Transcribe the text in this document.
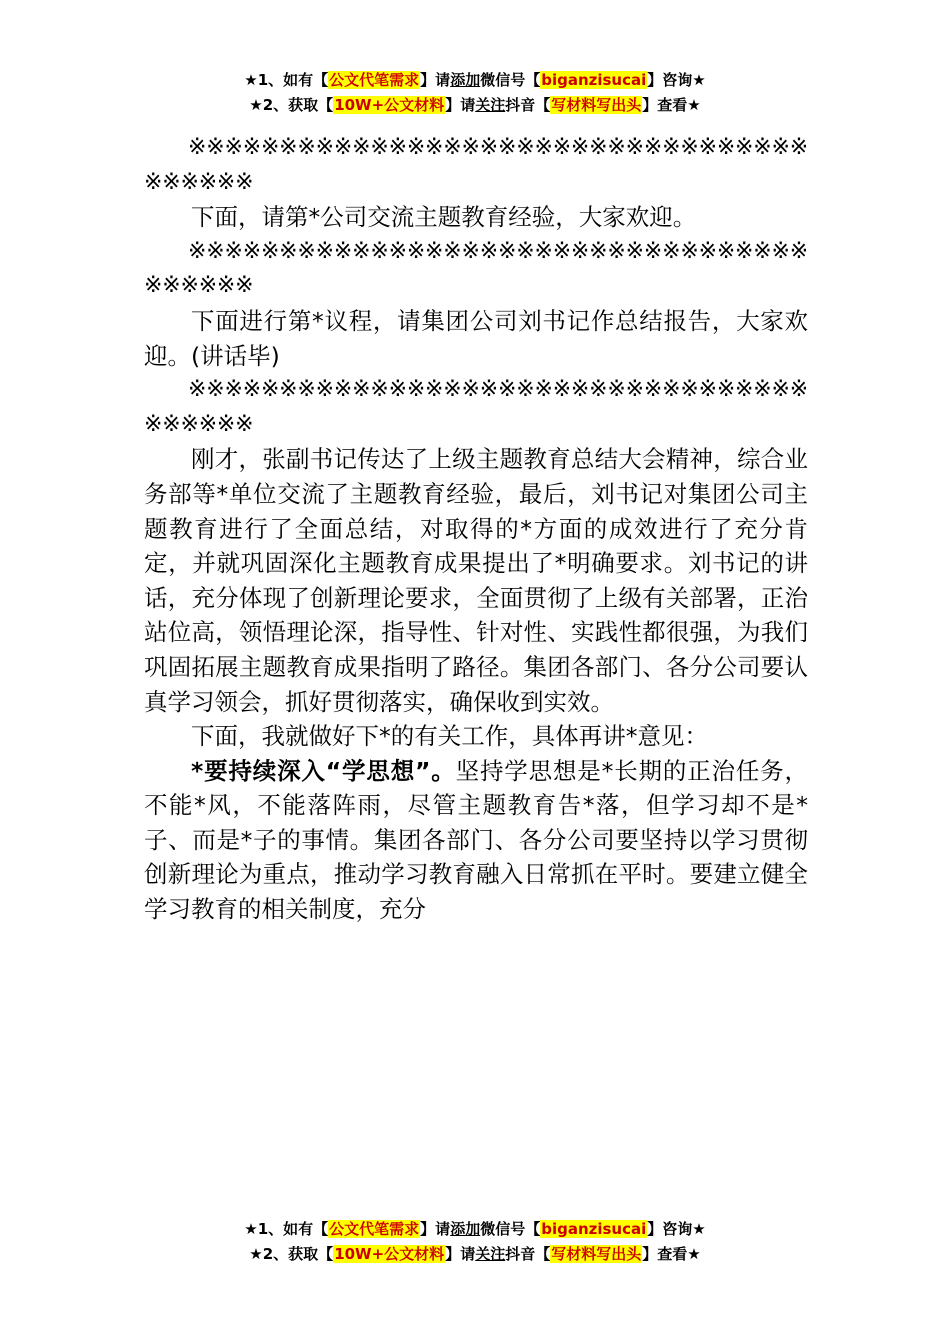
★1、如有【公文代笔需求】请添加微信号【biganzisucai】咨询★
★2、获取【10W+公文材料】请关注抖音【写材料写出头】查看★

※※※※※※※※※※※※※※※※※※※※※※※※※※※※※※※※※※※※※※※※

下面，请第*公司交流主题教育经验，大家欢迎。

※※※※※※※※※※※※※※※※※※※※※※※※※※※※※※※※※※※※※※※※

下面进行第*议程，请集团公司刘书记作总结报告，大家欢迎。(讲话毕)

※※※※※※※※※※※※※※※※※※※※※※※※※※※※※※※※※※※※※※※※

刚才，张副书记传达了上级主题教育总结大会精神，综合业务部等*单位交流了主题教育经验，最后，刘书记对集团公司主题教育进行了全面总结，对取得的*方面的成效进行了充分肯定，并就巩固深化主题教育成果提出了*明确要求。刘书记的讲话，充分体现了创新理论要求，全面贯彻了上级有关部署，正治站位高，领悟理论深，指导性、针对性、实践性都很强，为我们巩固拓展主题教育成果指明了路径。集团各部门、各分公司要认真学习领会，抓好贯彻落实，确保收到实效。

下面，我就做好下*的有关工作，具体再讲*意见：

*要持续深入“学思想”。坚持学思想是*长期的正治任务，不能*风，不能落阵雨，尽管主题教育告*落，但学习却不是*子、而是*子的事情。集团各部门、各分公司要坚持以学习贯彻创新理论为重点，推动学习教育融入日常抓在平时。要建立健全学习教育的相关制度，充分

★1、如有【公文代笔需求】请添加微信号【biganzisucai】咨询★
★2、获取【10W+公文材料】请关注抖音【写材料写出头】查看★
